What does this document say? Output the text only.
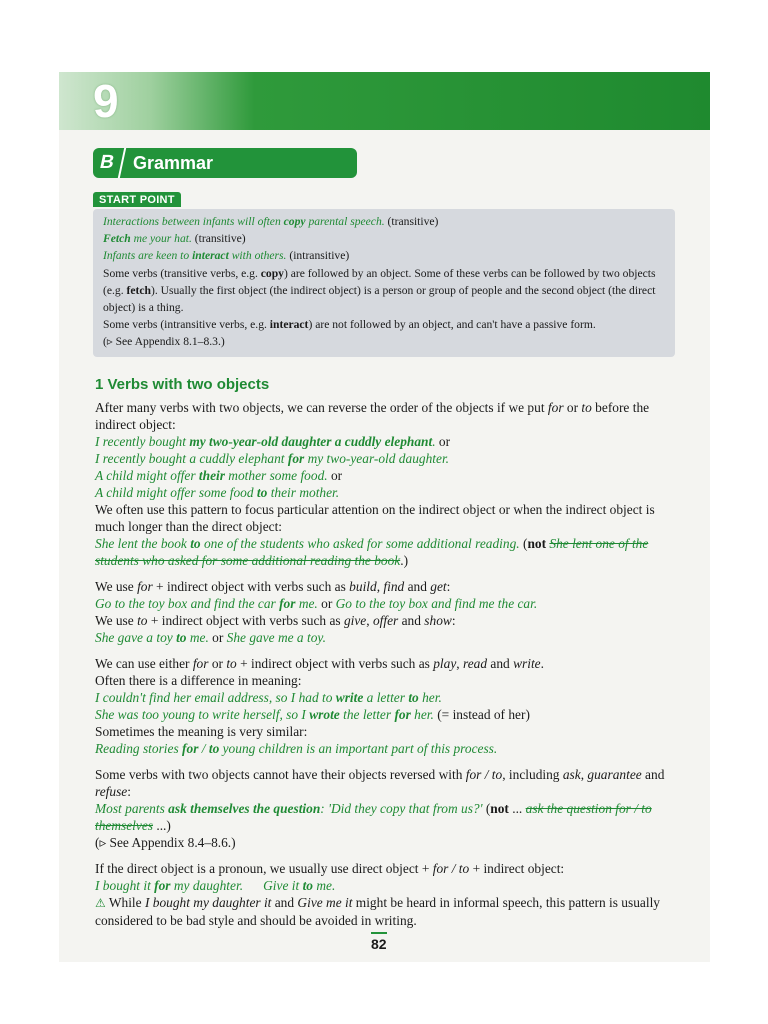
9
B Grammar
START POINT
Interactions between infants will often copy parental speech. (transitive)
Fetch me your hat. (transitive)
Infants are keen to interact with others. (intransitive)
Some verbs (transitive verbs, e.g. copy) are followed by an object. Some of these verbs can be followed by two objects (e.g. fetch). Usually the first object (the indirect object) is a person or group of people and the second object (the direct object) is a thing.
Some verbs (intransitive verbs, e.g. interact) are not followed by an object, and can't have a passive form.
(▹ See Appendix 8.1–8.3.)
1 Verbs with two objects

After many verbs with two objects, we can reverse the order of the objects if we put for or to before the indirect object:

I recently bought my two-year-old daughter a cuddly elephant. or

I recently bought a cuddly elephant for my two-year-old daughter.

A child might offer their mother some food. or

A child might offer some food to their mother.

We often use this pattern to focus particular attention on the indirect object or when the indirect object is much longer than the direct object:

She lent the book to one of the students who asked for some additional reading. (not She lent one of the students who asked for some additional reading the book.)

We use for + indirect object with verbs such as build, find and get:

Go to the toy box and find the car for me. or Go to the toy box and find me the car.

We use to + indirect object with verbs such as give, offer and show:

She gave a toy to me. or She gave me a toy.

We can use either for or to + indirect object with verbs such as play, read and write.

Often there is a difference in meaning:

I couldn't find her email address, so I had to write a letter to her.

She was too young to write herself, so I wrote the letter for her. (= instead of her)

Sometimes the meaning is very similar:

Reading stories for / to young children is an important part of this process.

Some verbs with two objects cannot have their objects reversed with for / to, including ask, guarantee and refuse:

Most parents ask themselves the question: 'Did they copy that from us?' (not ... ask the question for / to themselves ...)

(▹ See Appendix 8.4–8.6.)

If the direct object is a pronoun, we usually use direct object + for / to + indirect object:

I bought it for my daughter. Give it to me.

⚠ While I bought my daughter it and Give me it might be heard in informal speech, this pattern is usually considered to be bad style and should be avoided in writing.

82
